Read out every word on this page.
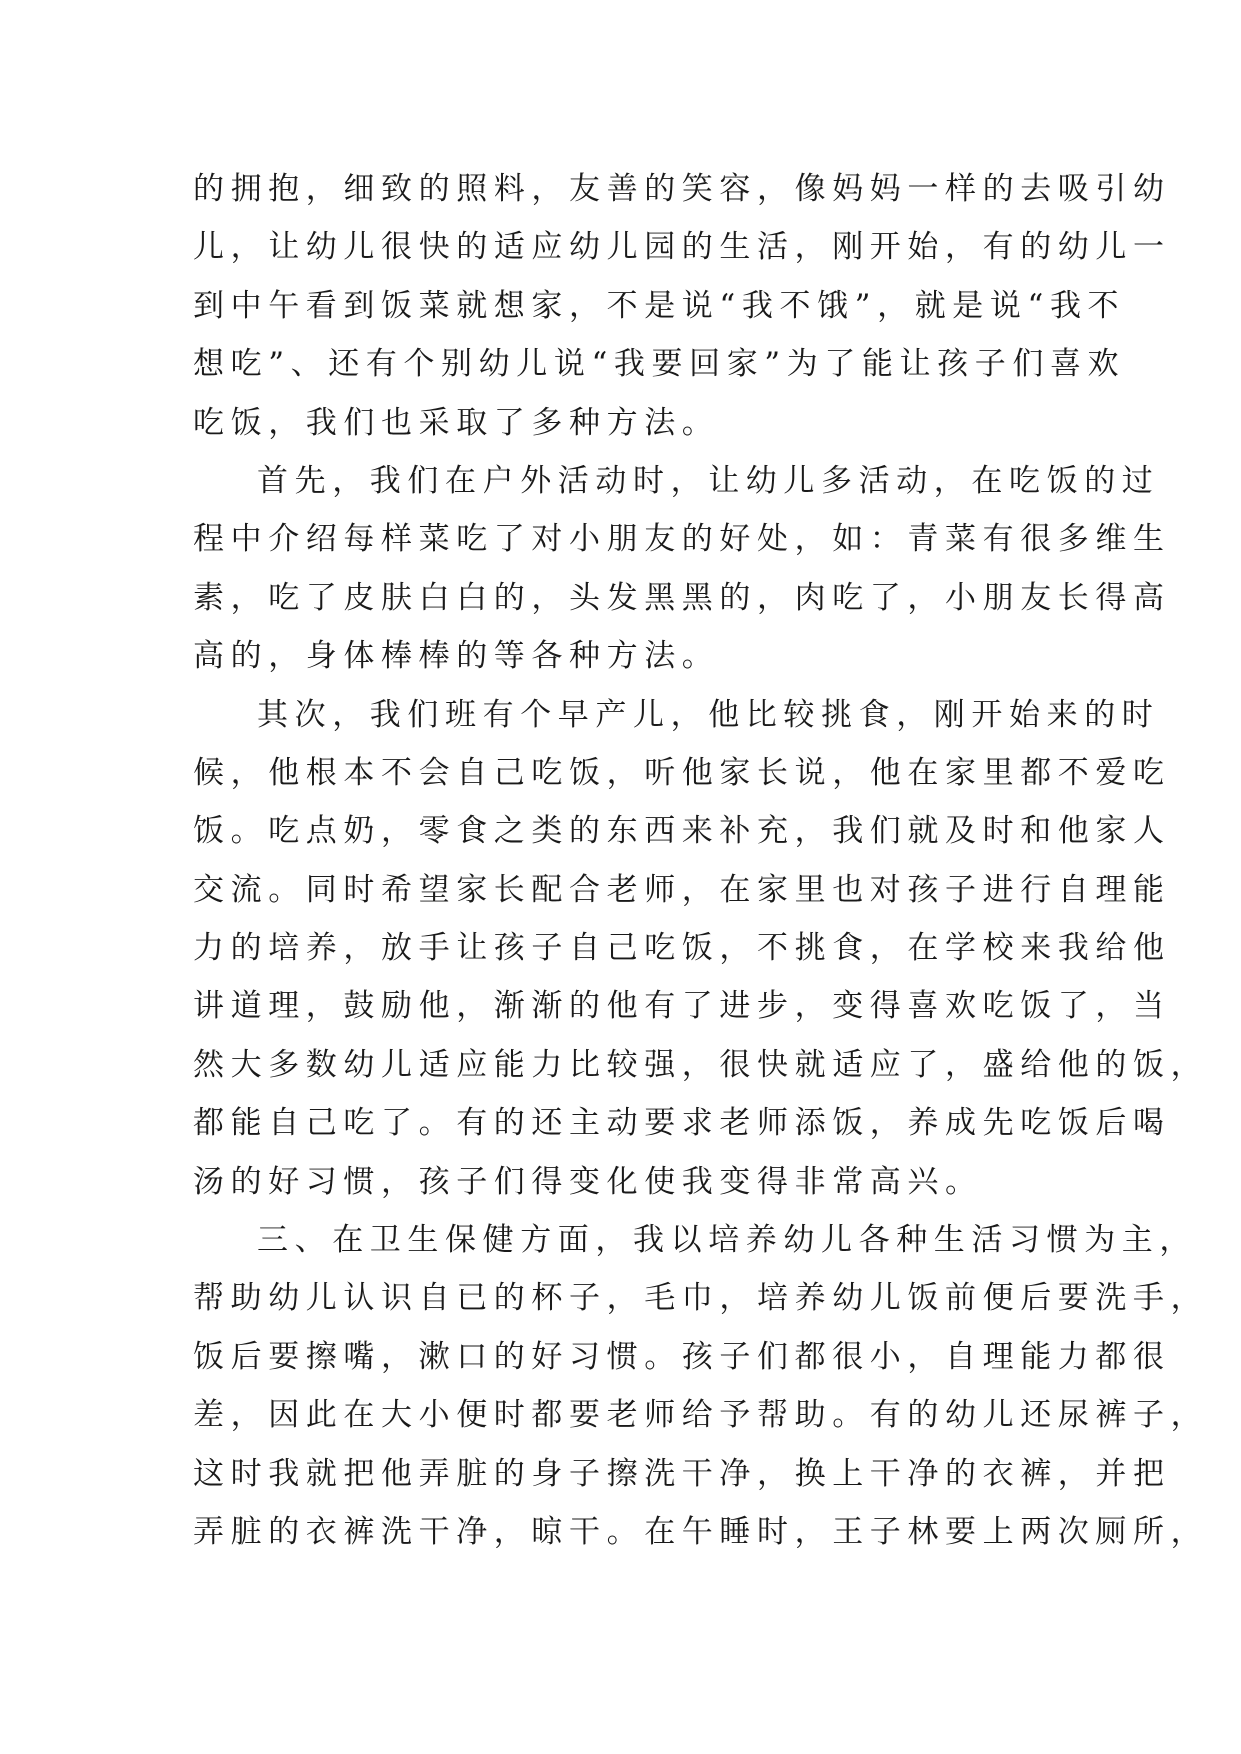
的拥抱，细致的照料，友善的笑容，像妈妈一样的去吸引幼
儿，让幼儿很快的适应幼儿园的生活，刚开始，有的幼儿一
到中午看到饭菜就想家，不是说“我不饿”，就是说“我不
想吃”、还有个别幼儿说“我要回家”为了能让孩子们喜欢
吃饭，我们也采取了多种方法。
首先，我们在户外活动时，让幼儿多活动，在吃饭的过
程中介绍每样菜吃了对小朋友的好处，如：青菜有很多维生
素，吃了皮肤白白的，头发黑黑的，肉吃了，小朋友长得高
高的，身体棒棒的等各种方法。
其次，我们班有个早产儿，他比较挑食，刚开始来的时
候，他根本不会自己吃饭，听他家长说，他在家里都不爱吃
饭。吃点奶，零食之类的东西来补充，我们就及时和他家人
交流。同时希望家长配合老师，在家里也对孩子进行自理能
力的培养，放手让孩子自己吃饭，不挑食，在学校来我给他
讲道理，鼓励他，渐渐的他有了进步，变得喜欢吃饭了，当
然大多数幼儿适应能力比较强，很快就适应了，盛给他的饭，
都能自己吃了。有的还主动要求老师添饭，养成先吃饭后喝
汤的好习惯，孩子们得变化使我变得非常高兴。
三、在卫生保健方面，我以培养幼儿各种生活习惯为主，
帮助幼儿认识自已的杯子，毛巾，培养幼儿饭前便后要洗手，
饭后要擦嘴，漱口的好习惯。孩子们都很小，自理能力都很
差，因此在大小便时都要老师给予帮助。有的幼儿还尿裤子，
这时我就把他弄脏的身子擦洗干净，换上干净的衣裤，并把
弄脏的衣裤洗干净，晾干。在午睡时，王子林要上两次厕所，
